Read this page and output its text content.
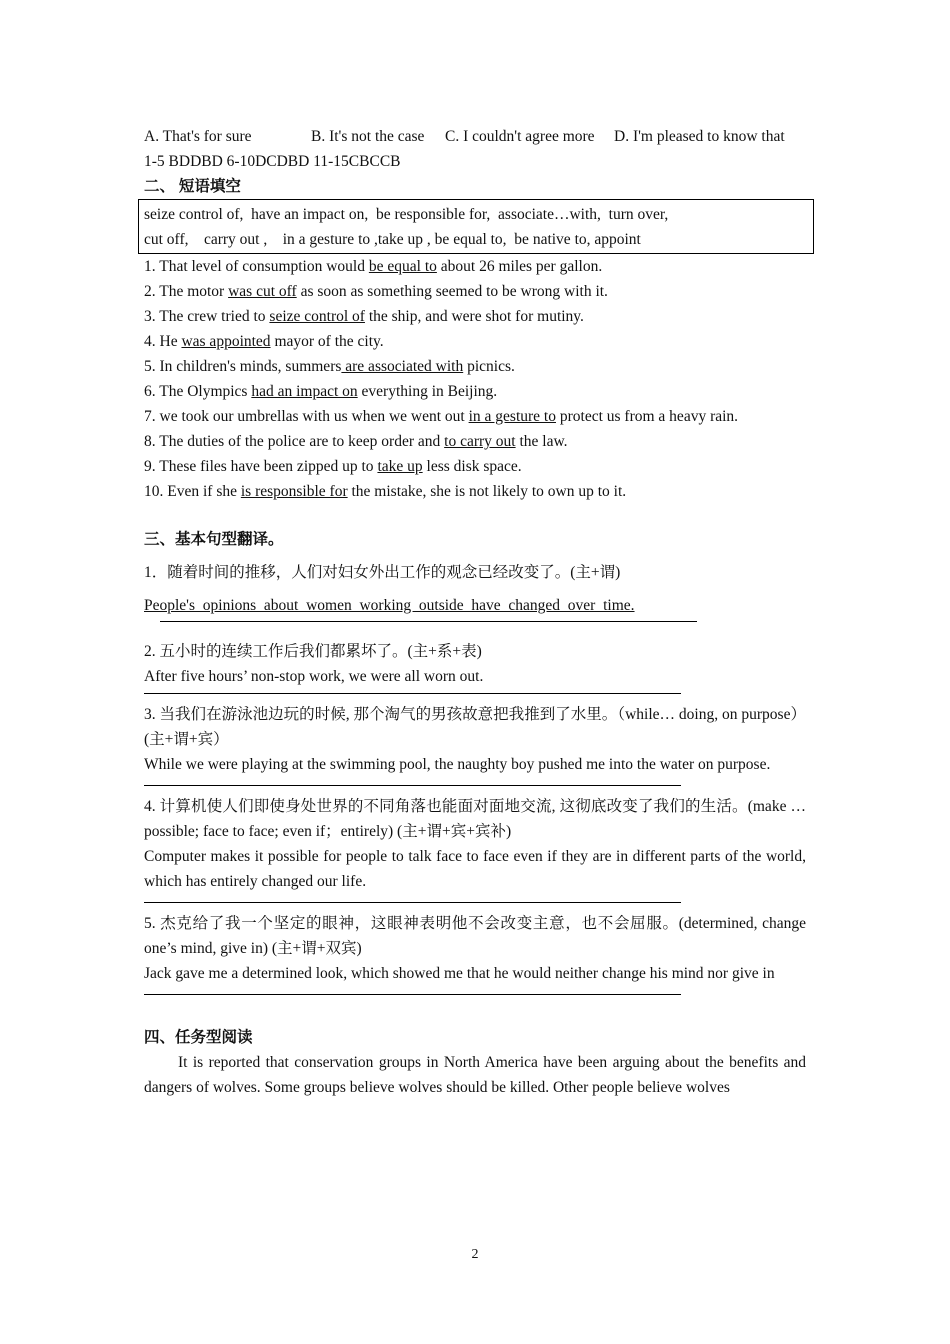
A. That's for sure	B. It's not the case C. I couldn't agree more D. I'm pleased to know that
1-5 BDDBD 6-10DCDBD 11-15CBCCB
二、 短语填空
seize control of,  have an impact on,  be responsible for,  associate…with,  turn over,
cut off,    carry out ,    in a gesture to ,take up , be equal to,  be native to, appoint
1. That level of consumption would be equal to about 26 miles per gallon.
2. The motor was cut off as soon as something seemed to be wrong with it.
3. The crew tried to seize control of the ship, and were shot for mutiny.
4. He was appointed mayor of the city.
5. In children's minds, summers are associated with picnics.
6. The Olympics had an impact on everything in Beijing.
7. we took our umbrellas with us when we went out in a gesture to protect us from a heavy rain.
8. The duties of the police are to keep order and to carry out the law.
9. These files have been zipped up to take up less disk space.
10. Even if she is responsible for the mistake, she is not likely to own up to it.
三、基本句型翻译。
1．随着时间的推移，人们对妇女外出工作的观念已经改变了。(主+谓)
People's  opinions  about  women  working  outside  have  changed  over  time.
2. 五小时的连续工作后我们都累坏了。(主+系+表)
After five hours’ non-stop work, we were all worn out.
3. 当我们在游泳池边玩的时候, 那个淘气的男孩故意把我推到了水里。（while… doing, on purpose）(主+谓+宾）
While we were playing at the swimming pool, the naughty boy pushed me into the water on purpose.
4. 计算机使人们即使身处世界的不同角落也能面对面地交流, 这彻底改变了我们的生活。(make …possible; face to face; even if；entirely) (主+谓+宾+宾补)
Computer makes it possible for people to talk face to face even if they are in different parts of the world, which has entirely changed our life.
5. 杰克给了我一个坚定的眼神，这眼神表明他不会改变主意，也不会屈服。(determined, change one’s mind, give in) (主+谓+双宾)
Jack gave me a determined look, which showed me that he would neither change his mind nor give in
四、任务型阅读
It is reported that conservation groups in North America have been arguing about the benefits and dangers of wolves. Some groups believe wolves should be killed. Other people believe wolves
2
